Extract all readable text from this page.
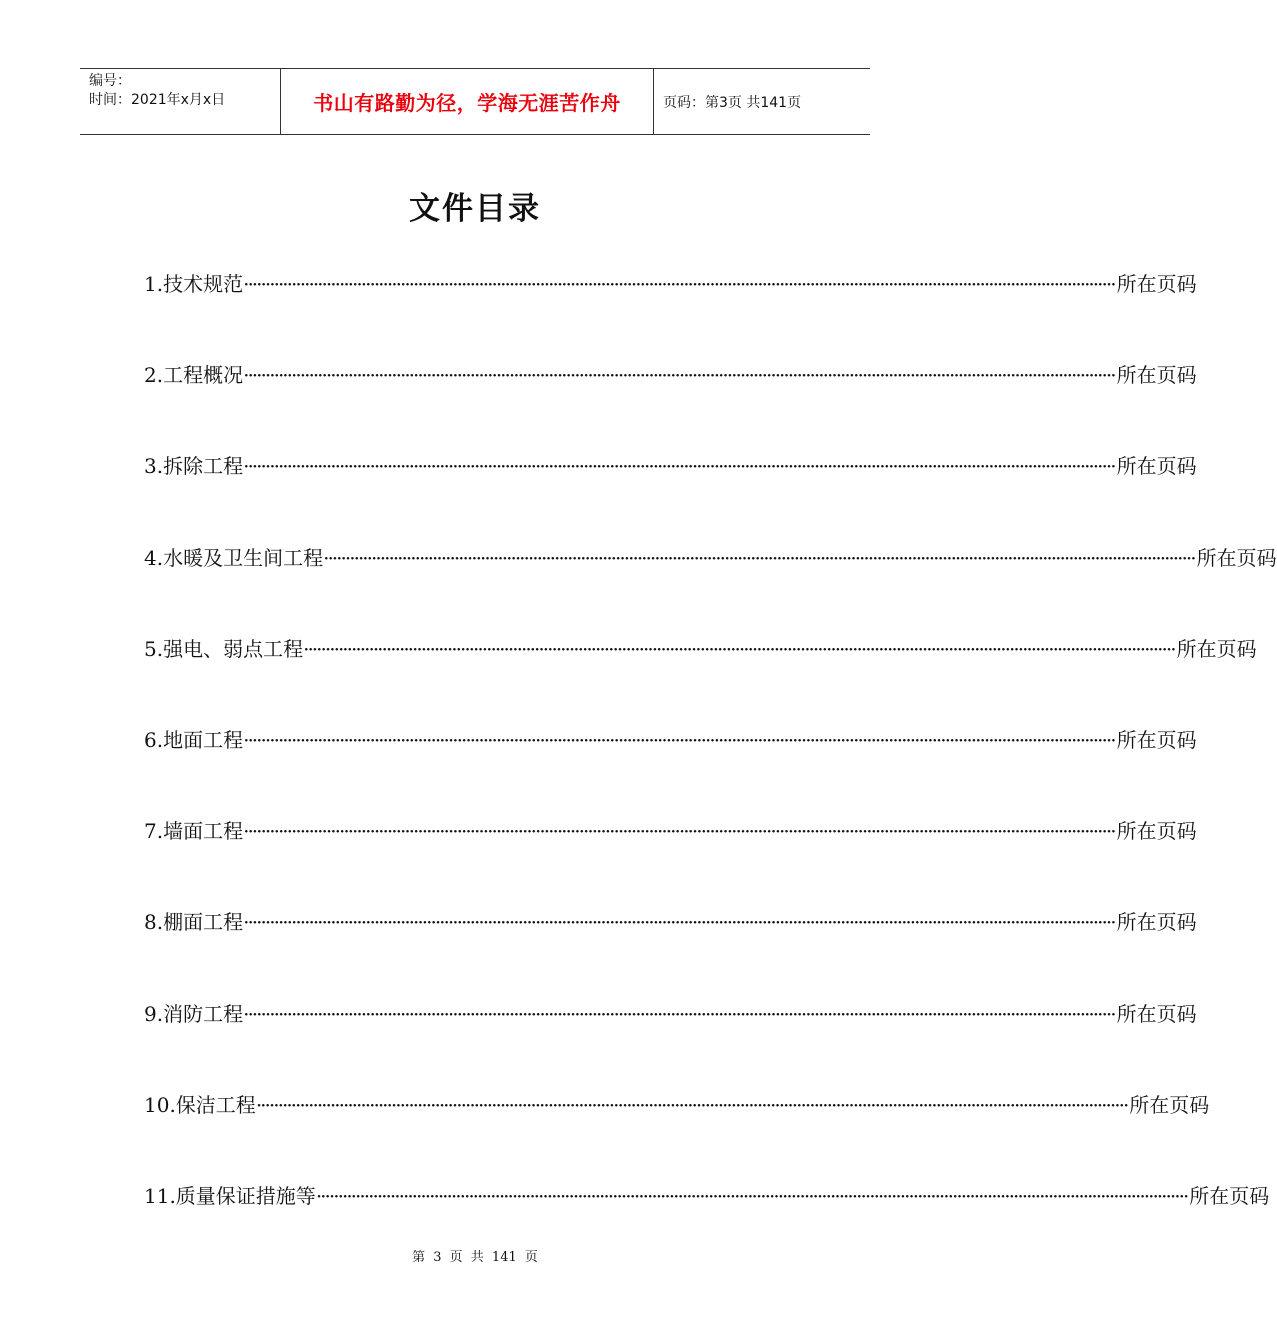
编号：
时间：2021年x月x日	书山有路勤为径，学海无涯苦作舟	页码：第3页 共141页
文件目录
1.技术规范 ········································································································································································································ 所在页码
2.工程概况 ········································································································································································································ 所在页码
3.拆除工程 ········································································································································································································ 所在页码
4.水暖及卫生间工程 ········································································································································································································ 所在页码
5.强电、弱点工程 ········································································································································································································ 所在页码
6.地面工程 ········································································································································································································ 所在页码
7.墙面工程 ········································································································································································································ 所在页码
8.棚面工程 ········································································································································································································ 所在页码
9.消防工程 ········································································································································································································ 所在页码
10.保洁工程 ········································································································································································································ 所在页码
11.质量保证措施等 ········································································································································································································ 所在页码
第 3 页 共 141 页
